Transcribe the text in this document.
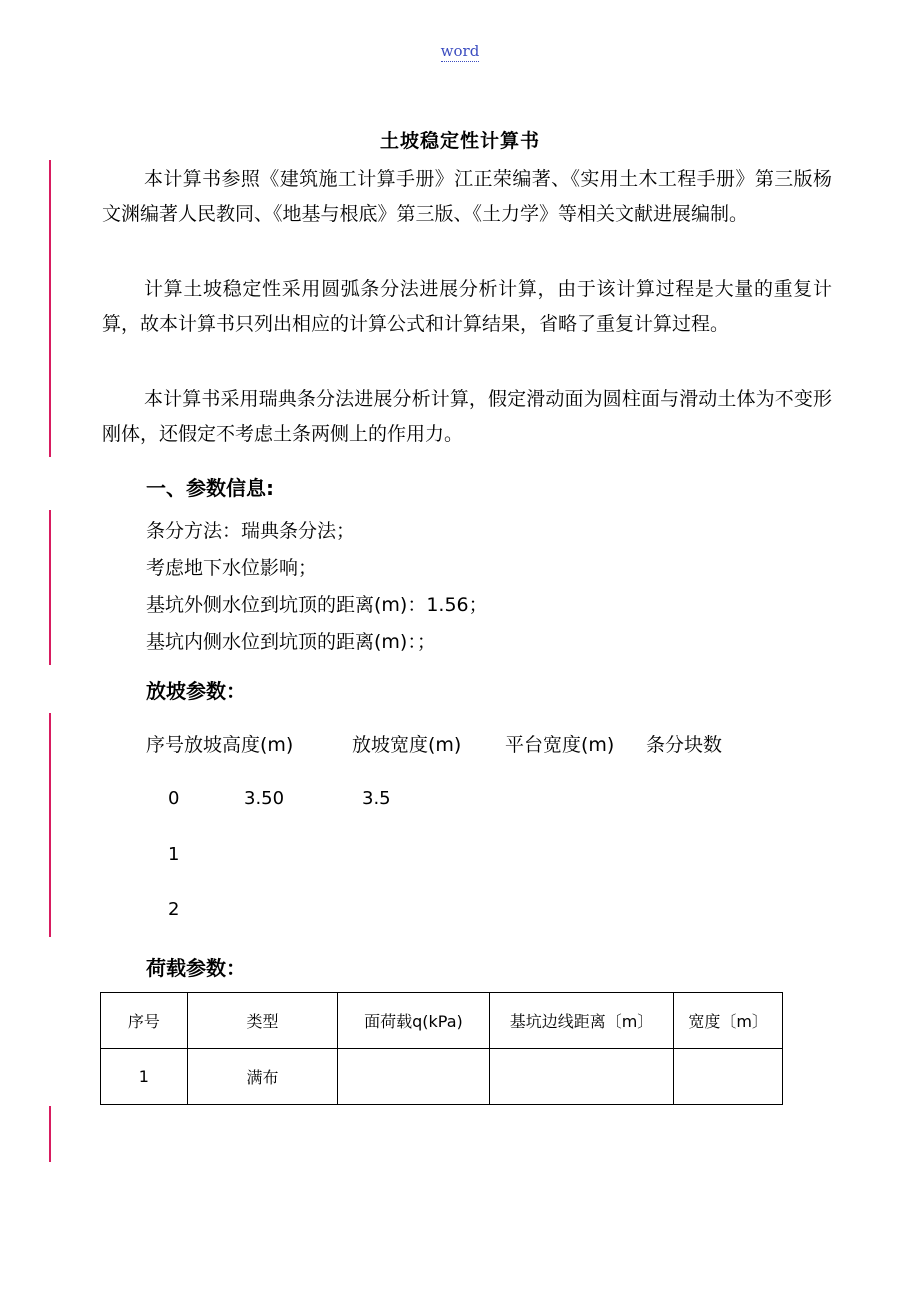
word
土坡稳定性计算书

本计算书参照《建筑施工计算手册》江正荣编著、《实用土木工程手册》第三版杨文渊编著人民教同、《地基与根底》第三版、《土力学》等相关文献进展编制。

计算土坡稳定性采用圆弧条分法进展分析计算，由于该计算过程是大量的重复计算，故本计算书只列出相应的计算公式和计算结果，省略了重复计算过程。

本计算书采用瑞典条分法进展分析计算，假定滑动面为圆柱面与滑动土体为不变形刚体，还假定不考虑土条两侧上的作用力。

一、参数信息:

条分方法：瑞典条分法；

考虑地下水位影响；

基坑外侧水位到坑顶的距离(m)：1.56；

基坑内侧水位到坑顶的距离(m)：；

放坡参数：
序号 放坡高度(m)	放坡宽度(m) 平台宽度(m) 条分块数
0	3.50	3.5
1
2
荷载参数：
序号	类型	面荷载q(kPa)	基坑边线距离〔m〕	宽度〔m〕
1	满布			
